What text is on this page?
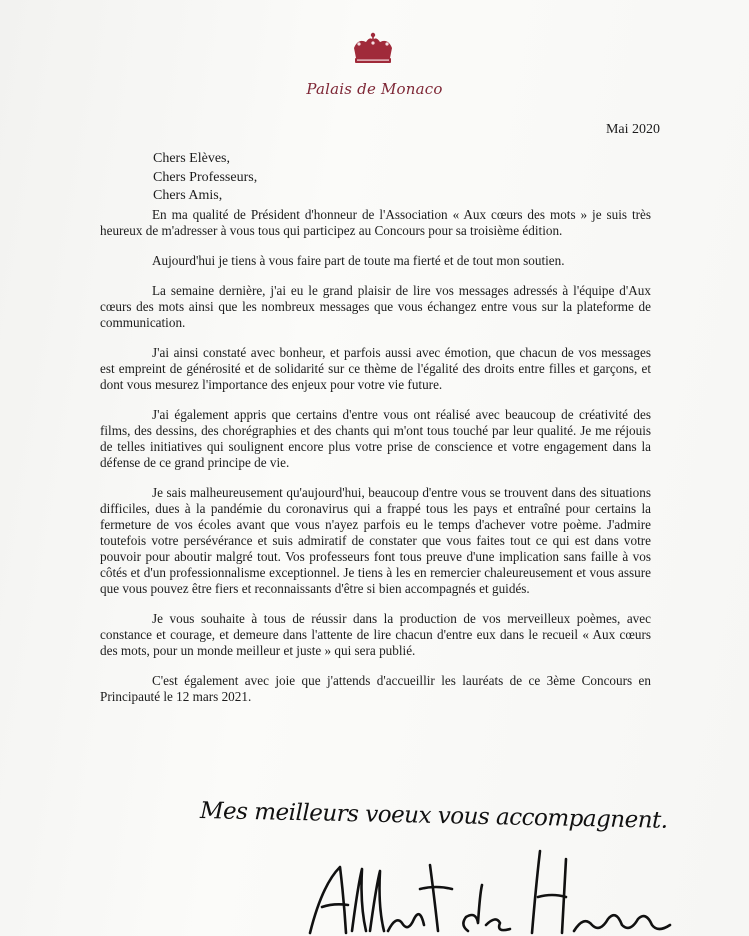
Palais de Monaco
Mai 2020
Chers Elèves,
Chers Professeurs,
Chers Amis,

En ma qualité de Président d'honneur de l'Association « Aux cœurs des mots » je suis très heureux de m'adresser à vous tous qui participez au Concours pour sa troisième édition.

Aujourd'hui je tiens à vous faire part de toute ma fierté et de tout mon soutien.

La semaine dernière, j'ai eu le grand plaisir de lire vos messages adressés à l'équipe d'Aux cœurs des mots ainsi que les nombreux messages que vous échangez entre vous sur la plateforme de communication.

J'ai ainsi constaté avec bonheur, et parfois aussi avec émotion, que chacun de vos messages est empreint de générosité et de solidarité sur ce thème de l'égalité des droits entre filles et garçons, et dont vous mesurez l'importance des enjeux pour votre vie future.

J'ai également appris que certains d'entre vous ont réalisé avec beaucoup de créativité des films, des dessins, des chorégraphies et des chants qui m'ont tous touché par leur qualité. Je me réjouis de telles initiatives qui soulignent encore plus votre prise de conscience et votre engagement dans la défense de ce grand principe de vie.

Je sais malheureusement qu'aujourd'hui, beaucoup d'entre vous se trouvent dans des situations difficiles, dues à la pandémie du coronavirus qui a frappé tous les pays et entraîné pour certains la fermeture de vos écoles avant que vous n'ayez parfois eu le temps d'achever votre poème. J'admire toutefois votre persévérance et suis admiratif de constater que vous faites tout ce qui est dans votre pouvoir pour aboutir malgré tout. Vos professeurs font tous preuve d'une implication sans faille à vos côtés et d'un professionnalisme exceptionnel. Je tiens à les en remercier chaleureusement et vous assure que vous pouvez être fiers et reconnaissants d'être si bien accompagnés et guidés.

Je vous souhaite à tous de réussir dans la production de vos merveilleux poèmes, avec constance et courage, et demeure dans l'attente de lire chacun d'entre eux dans le recueil « Aux cœurs des mots, pour un monde meilleur et juste » qui sera publié.

C'est également avec joie que j'attends d'accueillir les lauréats de ce 3ème Concours en Principauté le 12 mars 2021.

Mes meilleurs voeux vous accompagnent.
